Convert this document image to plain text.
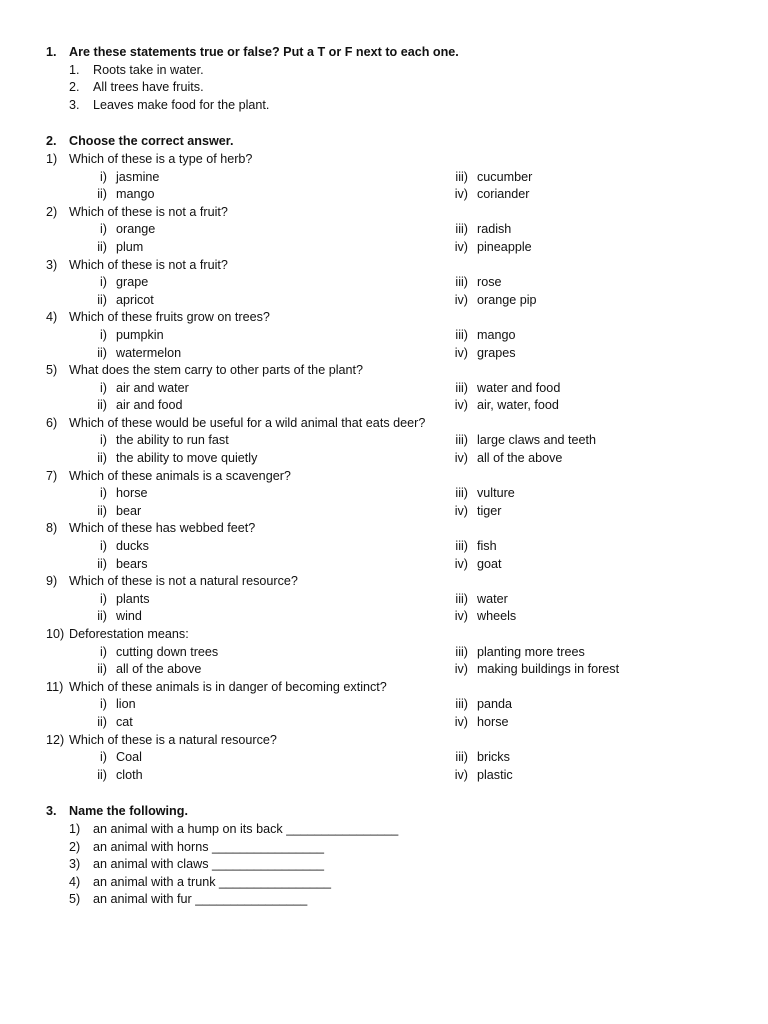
1. Are these statements true or false? Put a T or F next to each one.
1. Roots take in water.
2. All trees have fruits.
3. Leaves make food for the plant.
2. Choose the correct answer.
1) Which of these is a type of herb?
i) jasmine	iii) cucumber
ii) mango	iv) coriander
2) Which of these is not a fruit?
i) orange	iii) radish
ii) plum	iv) pineapple
3) Which of these is not a fruit?
i) grape	iii) rose
ii) apricot	iv) orange pip
4) Which of these fruits grow on trees?
i) pumpkin	iii) mango
ii) watermelon	iv) grapes
5) What does the stem carry to other parts of the plant?
i) air and water	iii) water and food
ii) air and food	iv) air, water, food
6) Which of these would be useful for a wild animal that eats deer?
i) the ability to run fast	iii) large claws and teeth
ii) the ability to move quietly	iv) all of the above
7) Which of these animals is a scavenger?
i) horse	iii) vulture
ii) bear	iv) tiger
8) Which of these has webbed feet?
i) ducks	iii) fish
ii) bears	iv) goat
9) Which of these is not a natural resource?
i) plants	iii) water
ii) wind	iv) wheels
10) Deforestation means:
i) cutting down trees	iii) planting more trees
ii) all of the above	iv) making buildings in forest
11) Which of these animals is in danger of becoming extinct?
i) lion	iii) panda
ii) cat	iv) horse
12) Which of these is a natural resource?
i) Coal	iii) bricks
ii) cloth	iv) plastic
3. Name the following.
1) an animal with a hump on its back ________________
2) an animal with horns ________________
3) an animal with claws ________________
4) an animal with a trunk ________________
5) an animal with fur ________________
